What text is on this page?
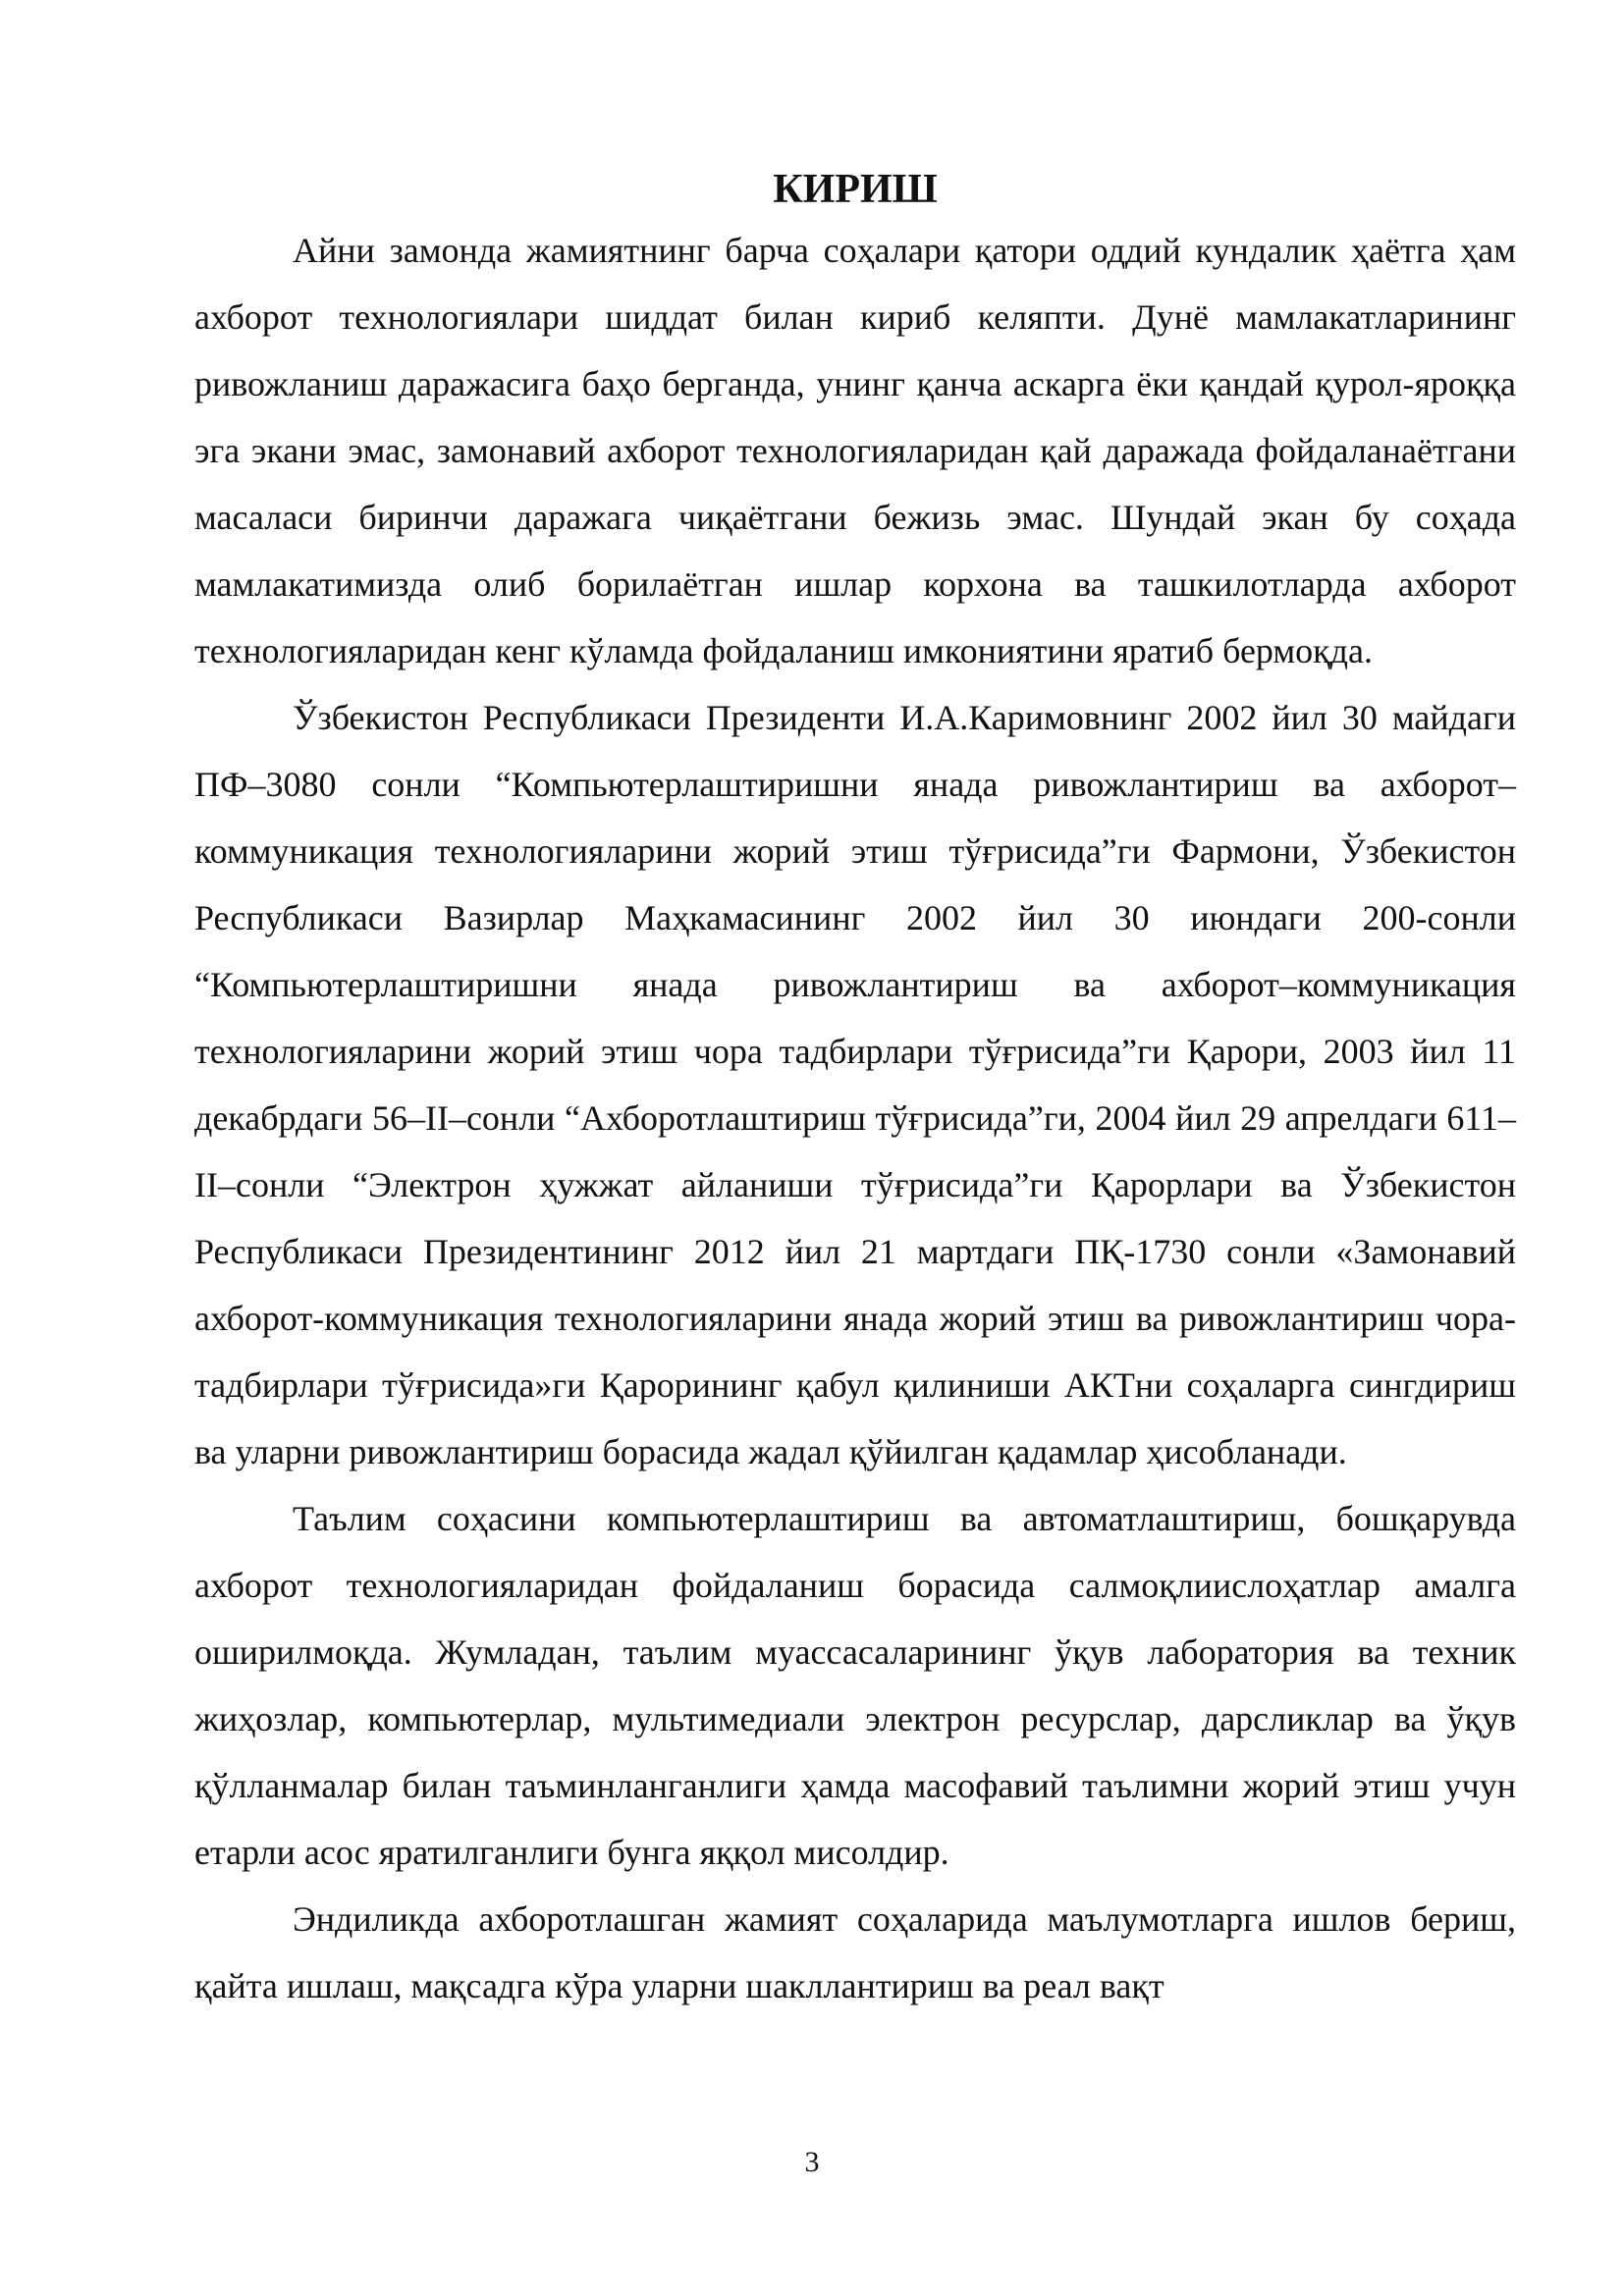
КИРИШ

Айни замонда жамиятнинг барча соҳалари қатори оддий кундалик ҳаётга ҳам ахборот технологиялари шиддат билан кириб келяпти. Дунё мамлакатларининг ривожланиш даражасига баҳо берганда, унинг қанча аскарга ёки қандай қурол-яроққа эга экани эмас, замонавий ахборот технологияларидан қай даражада фойдаланаётгани масаласи биринчи даражага чиқаётгани бежизь эмас. Шундай экан бу соҳада мамлакатимизда олиб борилаётган ишлар корхона ва ташкилотларда ахборот технологияларидан кенг кўламда фойдаланиш имкониятини яратиб бермоқда.

Ўзбекистон Республикаси Президенти И.А.Каримовнинг 2002 йил 30 майдаги ПФ–3080 сонли “Компьютерлаштиришни янада ривожлантириш ва ахборот–коммуникация технологияларини жорий этиш тўғрисида”ги Фармони, Ўзбекистон Республикаси Вазирлар Маҳкамасининг 2002 йил 30 июндаги 200-сонли “Компьютерлаштиришни янада ривожлантириш ва ахборот–коммуникация технологияларини жорий этиш чора тадбирлари тўғрисида”ги Қарори, 2003 йил 11 декабрдаги 56–II–сонли “Ахборотлаштириш тўғрисида”ги, 2004 йил 29 апрелдаги 611–II–сонли “Электрон ҳужжат айланиши тўғрисида”ги Қарорлари ва Ўзбекистон Республикаси Президентининг 2012 йил 21 мартдаги ПҚ-1730 сонли «Замонавий ахборот-коммуникация технологияларини янада жорий этиш ва ривожлантириш чора-тадбирлари тўғрисида»ги Қарорининг қабул қилиниши АКТни соҳаларга сингдириш ва уларни ривожлантириш борасида жадал қўйилган қадамлар ҳисобланади.

Таълим соҳасини компьютерлаштириш ва автоматлаштириш, бошқарувда ахборот технологияларидан фойдаланиш борасида салмоқлиислоҳатлар амалга оширилмоқда. Жумладан, таълим муассасаларининг ўқув лаборатория ва техник жиҳозлар, компьютерлар, мультимедиали электрон ресурслар, дарсликлар ва ўқув қўлланмалар билан таъминланганлиги ҳамда масофавий таълимни жорий этиш учун етарли асос яратилганлиги бунга яққол мисолдир.

Эндиликда ахборотлашган жамият соҳаларида маълумотларга ишлов бериш, қайта ишлаш, мақсадга кўра уларни шакллантириш ва реал вақт

3
